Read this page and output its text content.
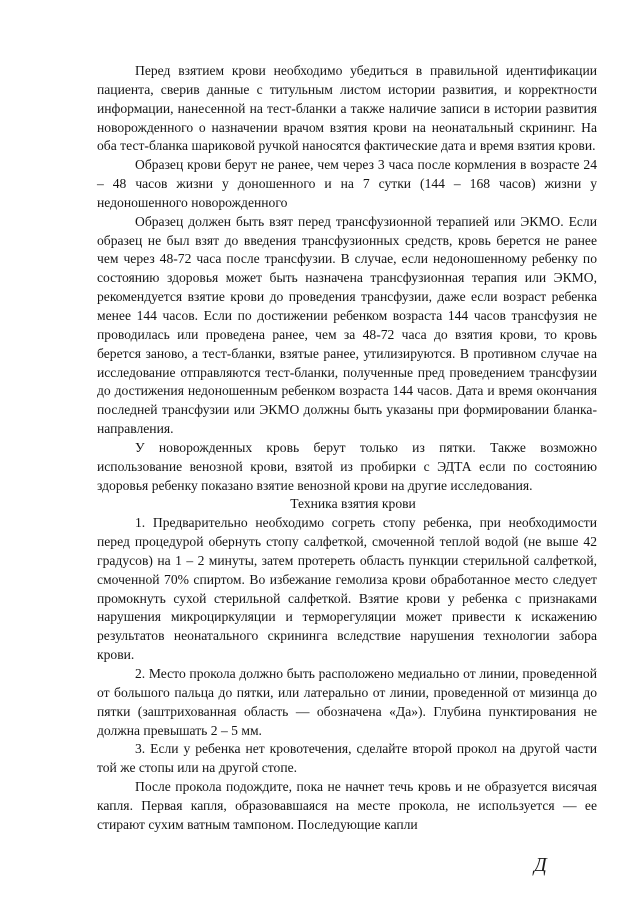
Перед взятием крови необходимо убедиться в правильной идентификации пациента, сверив данные с титульным листом истории развития, и корректности информации, нанесенной на тест-бланки а также наличие записи в истории развития новорожденного о назначении врачом взятия крови на неонатальный скрининг. На оба тест-бланка шариковой ручкой наносятся фактические дата и время взятия крови.

Образец крови берут не ранее, чем через 3 часа после кормления в возрасте 24 – 48 часов жизни у доношенного и на 7 сутки (144 – 168 часов) жизни у недоношенного новорожденного

Образец должен быть взят перед трансфузионной терапией или ЭКМО. Если образец не был взят до введения трансфузионных средств, кровь берется не ранее чем через 48-72 часа после трансфузии. В случае, если недоношенному ребенку по состоянию здоровья может быть назначена трансфузионная терапия или ЭКМО, рекомендуется взятие крови до проведения трансфузии, даже если возраст ребенка менее 144 часов. Если по достижении ребенком возраста 144 часов трансфузия не проводилась или проведена ранее, чем за 48-72 часа до взятия крови, то кровь берется заново, а тест-бланки, взятые ранее, утилизируются. В противном случае на исследование отправляются тест-бланки, полученные пред проведением трансфузии до достижения недоношенным ребенком возраста 144 часов. Дата и время окончания последней трансфузии или ЭКМО должны быть указаны при формировании бланка-направления.

У новорожденных кровь берут только из пятки. Также возможно использование венозной крови, взятой из пробирки с ЭДТА если по состоянию здоровья ребенку показано взятие венозной крови на другие исследования.

Техника взятия крови

1. Предварительно необходимо согреть стопу ребенка, при необходимости перед процедурой обернуть стопу салфеткой, смоченной теплой водой (не выше 42 градусов) на 1 – 2 минуты, затем протереть область пункции стерильной салфеткой, смоченной 70% спиртом. Во избежание гемолиза крови обработанное место следует промокнуть сухой стерильной салфеткой. Взятие крови у ребенка с признаками нарушения микроциркуляции и терморегуляции может привести к искажению результатов неонатального скрининга вследствие нарушения технологии забора крови.

2. Место прокола должно быть расположено медиально от линии, проведенной от большого пальца до пятки, или латерально от линии, проведенной от мизинца до пятки (заштрихованная область — обозначена «Да»). Глубина пунктирования не должна превышать 2 – 5 мм.

3. Если у ребенка нет кровотечения, сделайте второй прокол на другой части той же стопы или на другой стопе.

После прокола подождите, пока не начнет течь кровь и не образуется висячая капля. Первая капля, образовавшаяся на месте прокола, не используется — ее стирают сухим ватным тампоном. Последующие капли

Д
